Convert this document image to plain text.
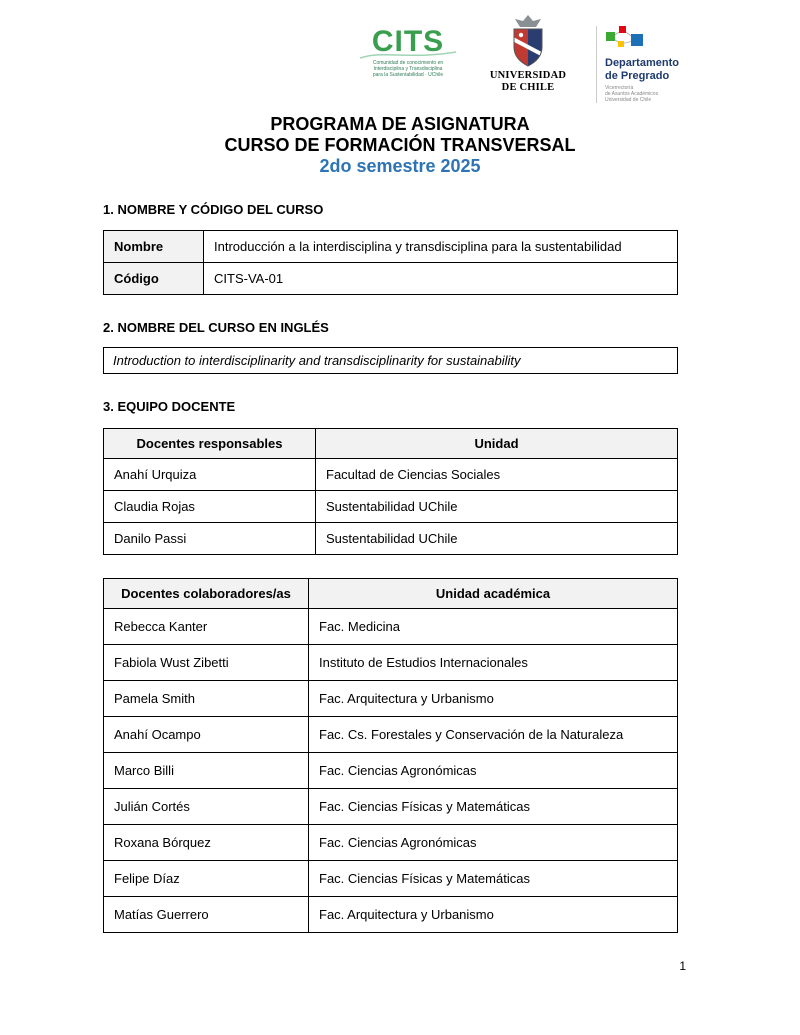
CITS
Comunidad de conocimiento en
Interdisciplina y Transdisciplina
para la Sustentabilidad · UChile	UNIVERSIDAD
DE CHILE
Departamento
de Pregrado
Vicerrectoría
de Asuntos Académicos
Universidad de Chile
PROGRAMA DE ASIGNATURA
CURSO DE FORMACIÓN TRANSVERSAL
2do semestre 2025
1. NOMBRE Y CÓDIGO DEL CURSO
Nombre	Introducción a la interdisciplina y transdisciplina para la sustentabilidad
Código	CITS-VA-01
2. NOMBRE DEL CURSO EN INGLÉS
Introduction to interdisciplinarity and transdisciplinarity for sustainability
3. EQUIPO DOCENTE
Docentes responsables	Unidad
Anahí Urquiza	Facultad de Ciencias Sociales
Claudia Rojas	Sustentabilidad UChile
Danilo Passi	Sustentabilidad UChile
Docentes colaboradores/as	Unidad académica
Rebecca Kanter	Fac. Medicina
Fabiola Wust Zibetti	Instituto de Estudios Internacionales
Pamela Smith	Fac. Arquitectura y Urbanismo
Anahí Ocampo	Fac. Cs. Forestales y Conservación de la Naturaleza
Marco Billi	Fac. Ciencias Agronómicas
Julián Cortés	Fac. Ciencias Físicas y Matemáticas
Roxana Bórquez	Fac. Ciencias Agronómicas
Felipe Díaz	Fac. Ciencias Físicas y Matemáticas
Matías Guerrero	Fac. Arquitectura y Urbanismo
1
